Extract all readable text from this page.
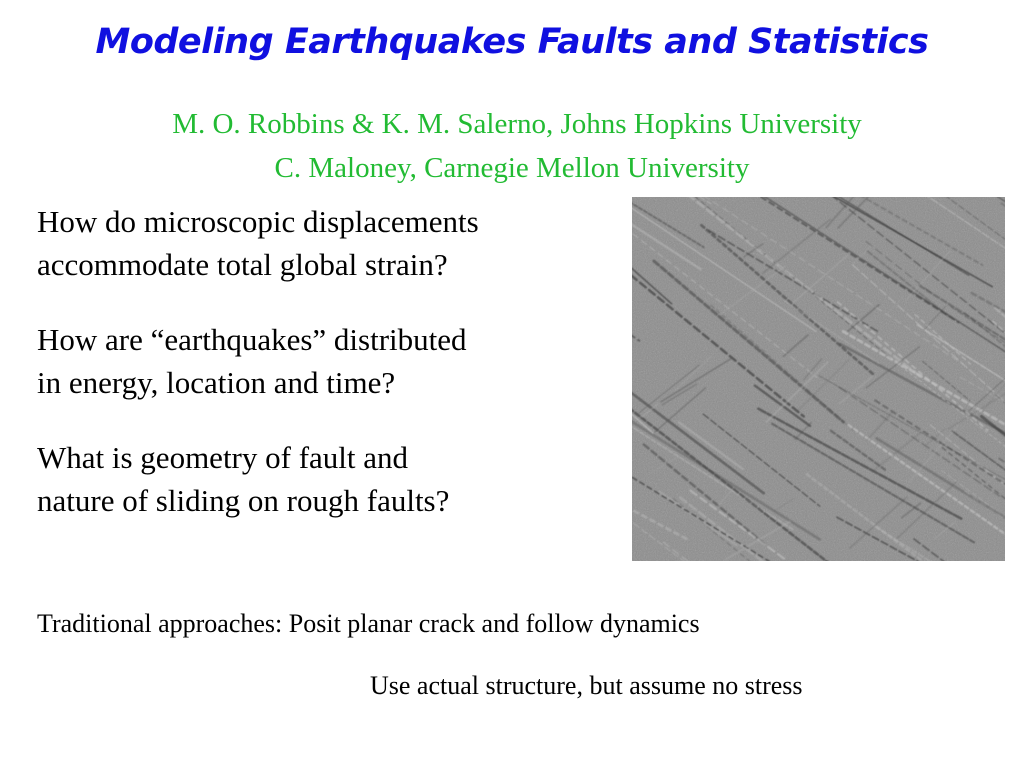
Modeling Earthquakes Faults and Statistics
M. O. Robbins & K. M. Salerno, Johns Hopkins University
C. Maloney, Carnegie Mellon University
How do microscopic displacements
accommodate total global strain?
How are “earthquakes” distributed
in energy, location and time?
What is geometry of fault and
nature of sliding on rough faults?
Traditional approaches: Posit planar crack and follow dynamics
Use actual structure, but assume no stress
